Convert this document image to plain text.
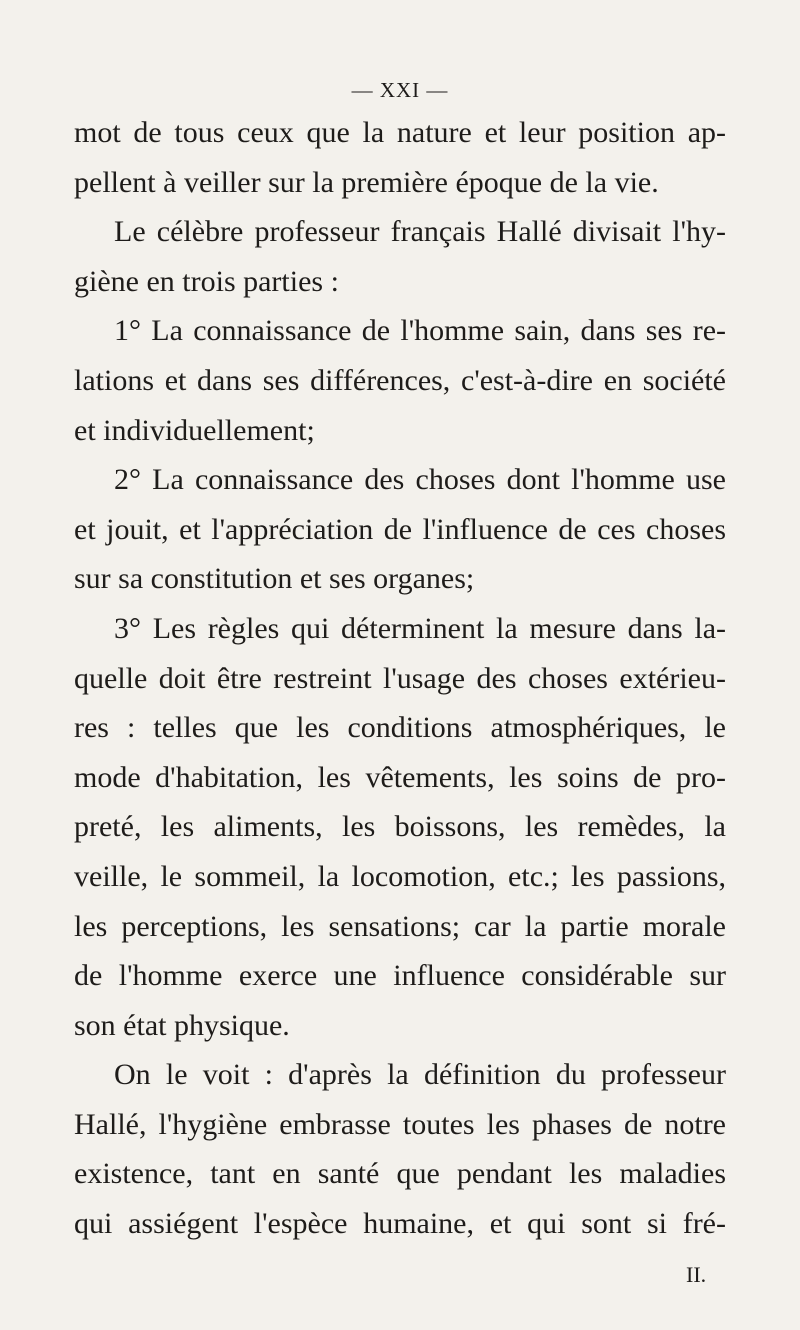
— XXI —
mot de tous ceux que la nature et leur position ap-
pellent à veiller sur la première époque de la vie.
Le célèbre professeur français Hallé divisait l'hy-
giène en trois parties :
1° La connaissance de l'homme sain, dans ses re-
lations et dans ses différences, c'est-à-dire en société
et individuellement;
2° La connaissance des choses dont l'homme use
et jouit, et l'appréciation de l'influence de ces choses
sur sa constitution et ses organes;
3° Les règles qui déterminent la mesure dans la-
quelle doit être restreint l'usage des choses extérieu-
res : telles que les conditions atmosphériques, le
mode d'habitation, les vêtements, les soins de pro-
preté, les aliments, les boissons, les remèdes, la
veille, le sommeil, la locomotion, etc.; les passions,
les perceptions, les sensations; car la partie morale
de l'homme exerce une influence considérable sur
son état physique.
On le voit : d'après la définition du professeur
Hallé, l'hygiène embrasse toutes les phases de notre
existence, tant en santé que pendant les maladies
qui assiégent l'espèce humaine, et qui sont si fré-
II.
